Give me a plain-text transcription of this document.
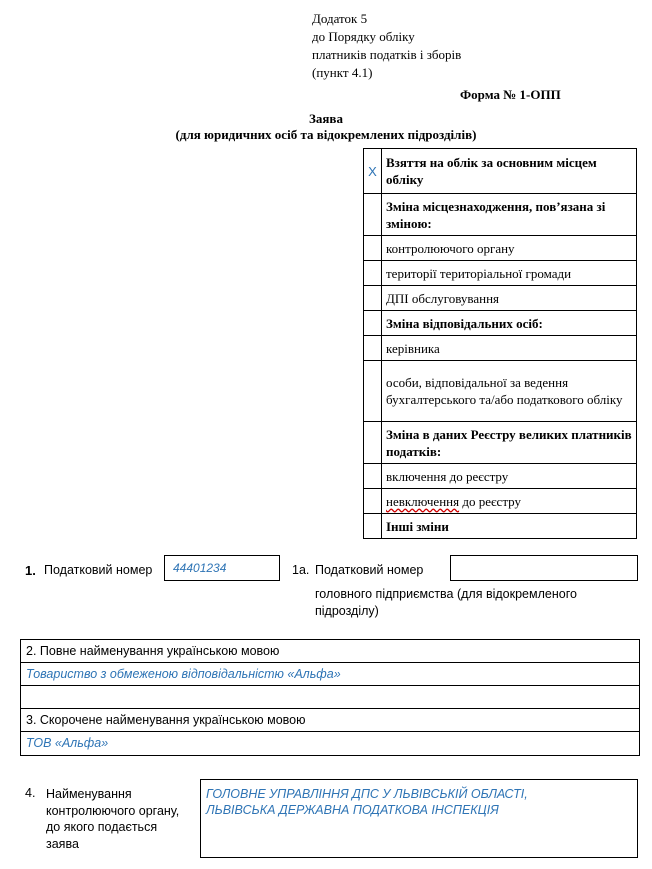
Додаток 5
до Порядку обліку
платників податків і зборів
(пункт 4.1)
Форма № 1-ОПП
Заява
(для юридичних осіб та відокремлених підрозділів)
Х	Взяття на облік за основним місцем обліку
	Зміна місцезнаходження, пов’язана зі зміною:
	контролюючого органу
	території територіальної громади
	ДПІ обслуговування
	Зміна відповідальних осіб:
	керівника
	особи, відповідальної за ведення бухгалтерського та/або податкового обліку
	Зміна в даних Реєстру великих платників податків:
	включення до реєстру
	невключення до реєстру
	Інші зміни
1. Податковий номер 44401234	1а. Податковий номер
головного підприємства (для відокремленого
підрозділу)
2. Повне найменування українською мовою
Товариство з обмеженою відповідальністю «Альфа»
3. Скорочене найменування українською мовою
ТОВ «Альфа»
4. Найменування
контролюючого органу,
до якого подається
заява
ГОЛОВНЕ УПРАВЛІННЯ ДПС У ЛЬВІВСЬКІЙ ОБЛАСТІ,
ЛЬВІВСЬКА ДЕРЖАВНА ПОДАТКОВА ІНСПЕКЦІЯ
